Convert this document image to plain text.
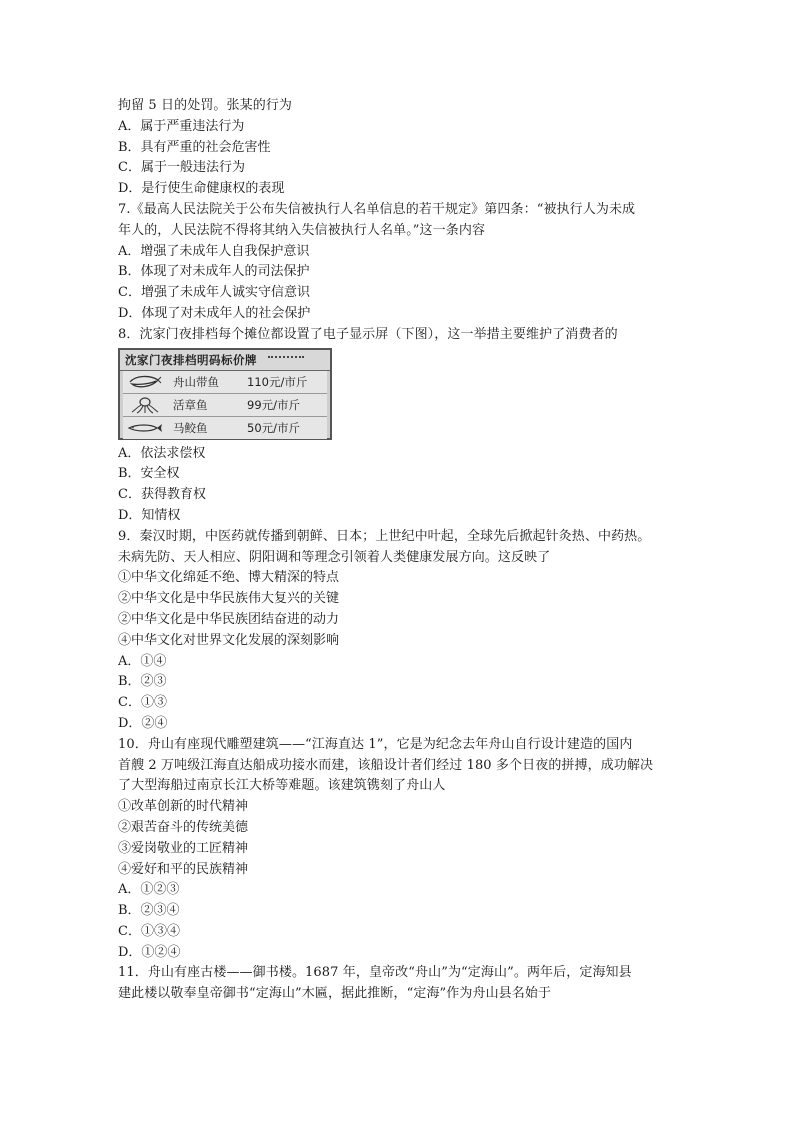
拘留 5 日的处罚。张某的行为
A．属于严重违法行为
B．具有严重的社会危害性
C．属于一般违法行为
D．是行使生命健康权的表现
7.《最高人民法院关于公布失信被执行人名单信息的若干规定》第四条：“被执行人为未成
年人的，人民法院不得将其纳入失信被执行人名单。”这一条内容
A．增强了未成年人自我保护意识
B．体现了对未成年人的司法保护
C．增强了未成年人诚实守信意识
D．体现了对未成年人的社会保护
8．沈家门夜排档每个摊位都设置了电子显示屏（下图），这一举措主要维护了消费者的
沈家门夜排档明码标价牌
舟山带鱼	110元/市斤
活章鱼	99元/市斤
马鲛鱼	50元/市斤
A．依法求偿权
B．安全权
C．获得教育权
D．知情权
9．秦汉时期，中医药就传播到朝鲜、日本；上世纪中叶起，全球先后掀起针灸热、中药热。
未病先防、天人相应、阴阳调和等理念引领着人类健康发展方向。这反映了
①中华文化绵延不绝、博大精深的特点
②中华文化是中华民族伟大复兴的关键
②中华文化是中华民族团结奋进的动力
④中华文化对世界文化发展的深刻影响
A．①④
B．②③
C．①③
D．②④
10．舟山有座现代雕塑建筑——“江海直达 1”，它是为纪念去年舟山自行设计建造的国内
首艘 2 万吨级江海直达船成功接水而建，该船设计者们经过 180 多个日夜的拼搏，成功解决
了大型海船过南京长江大桥等难题。该建筑镌刻了舟山人
①改革创新的时代精神
②艰苦奋斗的传统美德
③爱岗敬业的工匠精神
④爱好和平的民族精神
A．①②③
B．②③④
C．①③④
D．①②④
11．舟山有座古楼——御书楼。1687 年，皇帝改“舟山”为“定海山”。两年后，定海知县
建此楼以敬奉皇帝御书“定海山”木匾，据此推断，“定海”作为舟山县名始于
